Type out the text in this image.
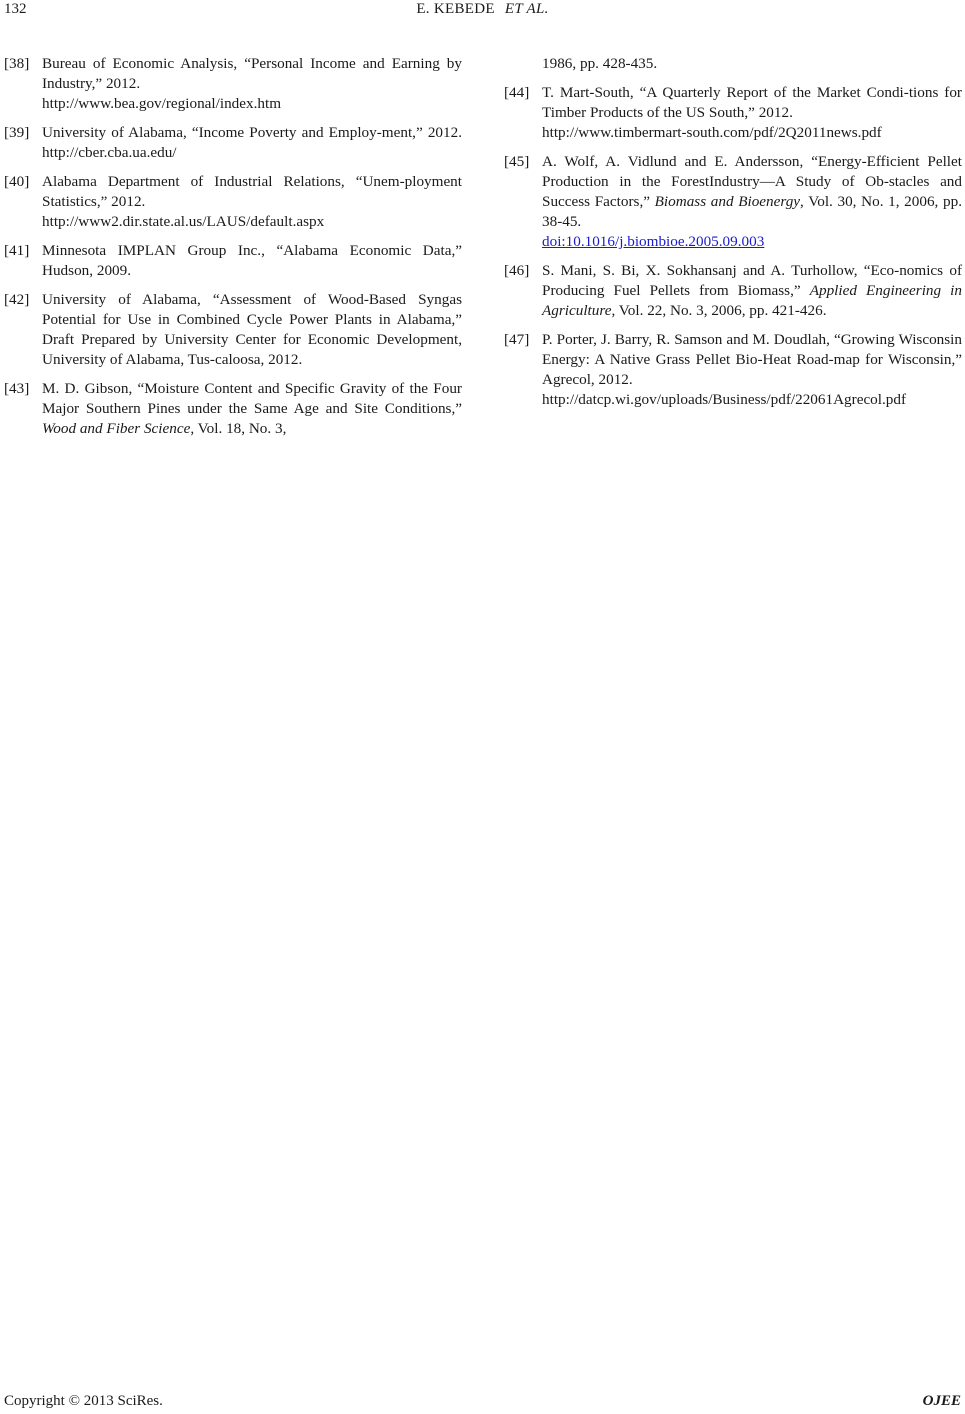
132	E. KEBEDE ET AL.
[38] Bureau of Economic Analysis, “Personal Income and Earning by Industry,” 2012.
http://www.bea.gov/regional/index.htm
[39] University of Alabama, “Income Poverty and Employ-ment,” 2012. http://cber.cba.ua.edu/
[40] Alabama Department of Industrial Relations, “Unem-ployment Statistics,” 2012.
http://www2.dir.state.al.us/LAUS/default.aspx
[41] Minnesota IMPLAN Group Inc., “Alabama Economic Data,” Hudson, 2009.
[42] University of Alabama, “Assessment of Wood-Based Syngas Potential for Use in Combined Cycle Power Plants in Alabama,” Draft Prepared by University Center for Economic Development, University of Alabama, Tus-caloosa, 2012.
[43] M. D. Gibson, “Moisture Content and Specific Gravity of the Four Major Southern Pines under the Same Age and Site Conditions,” Wood and Fiber Science, Vol. 18, No. 3,
1986, pp. 428-435.
[44] T. Mart-South, “A Quarterly Report of the Market Condi-tions for Timber Products of the US South,” 2012.
http://www.timbermart-south.com/pdf/2Q2011news.pdf
[45] A. Wolf, A. Vidlund and E. Andersson, “Energy-Efficient Pellet Production in the ForestIndustry—A Study of Ob-stacles and Success Factors,” Biomass and Bioenergy, Vol. 30, No. 1, 2006, pp. 38-45.
doi:10.1016/j.biombioe.2005.09.003
[46] S. Mani, S. Bi, X. Sokhansanj and A. Turhollow, “Eco-nomics of Producing Fuel Pellets from Biomass,” Applied Engineering in Agriculture, Vol. 22, No. 3, 2006, pp. 421-426.
[47] P. Porter, J. Barry, R. Samson and M. Doudlah, “Growing Wisconsin Energy: A Native Grass Pellet Bio-Heat Road-map for Wisconsin,” Agrecol, 2012.
http://datcp.wi.gov/uploads/Business/pdf/22061Agrecol.pdf
Copyright © 2013 SciRes.	OJEE
